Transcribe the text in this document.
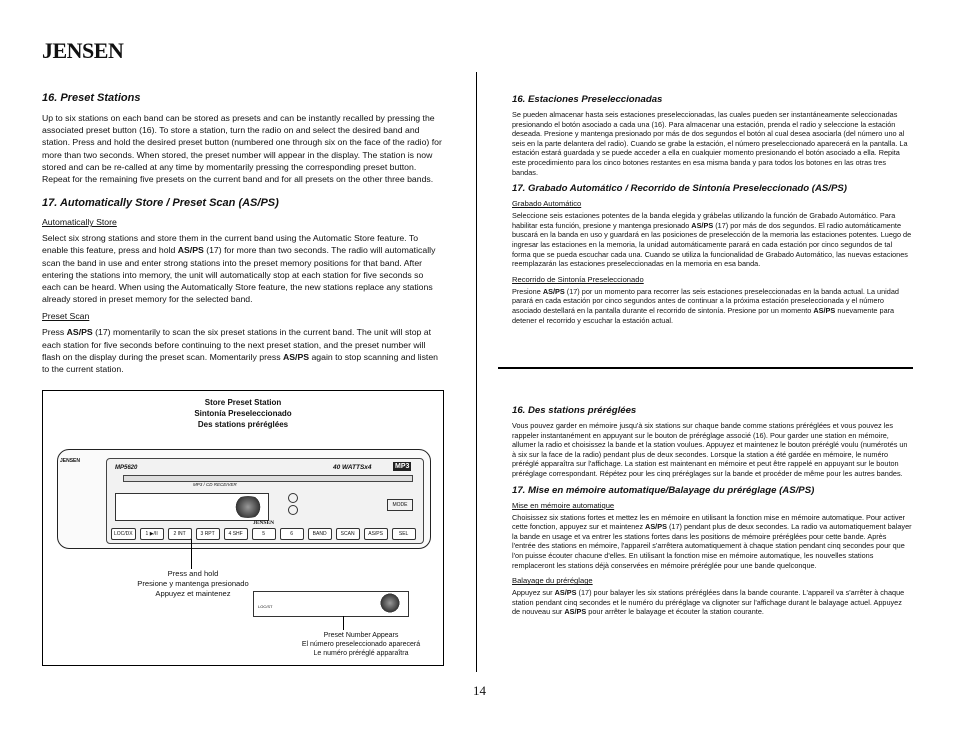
JENSEN
16. Preset Stations

Up to six stations on each band can be stored as presets and can be instantly recalled by pressing the associated preset button (16). To store a station, turn the radio on and select the desired band and station. Press and hold the desired preset button (numbered one through six on the face of the radio) for more than two seconds. When stored, the preset number will appear in the display. The station is now stored and can be re-called at any time by momentarily pressing the corresponding preset button. Repeat for the remaining five presets on the current band and for all presets on the other three bands.

17. Automatically Store / Preset Scan (AS/PS)
Automatically Store

Select six strong stations and store them in the current band using the Automatic Store feature. To enable this feature, press and hold AS/PS (17) for more than two seconds. The radio will automatically scan the band in use and enter strong stations into the preset memory positions for that band. After entering the stations into memory, the unit will automatically stop at each station for five seconds so each can be heard. When using the Automatically Store feature, the new stations replace any stations already stored in preset memory for the selected band.

Preset Scan

Press AS/PS (17) momentarily to scan the six preset stations in the current band. The unit will stop at each station for five seconds before continuing to the next preset station, and the preset number will flash on the display during the preset scan. Momentarily press AS/PS again to stop scanning and listen to the current station.

Store Preset Station
Sintonía Preseleccionado
Des stations préréglées
JENSEN
MP5620	40 WATTSx4	MP3
MP3 / CD RECEIVER
JENSEN
MODE
LOC/DX	1 ▶/II	2 INT	3 RPT	4 SHF	5	6	BAND	SCAN	AS/PS	SEL
Press and hold
Presione y mantenga presionado
Appuyez et maintenez
LOC/ST
Preset Number Appears
El número preseleccionado aparecerá
Le numéro préréglé apparaîtra
16. Estaciones Preseleccionadas

Se pueden almacenar hasta seis estaciones preseleccionadas, las cuales pueden ser instantáneamente seleccionadas presionando el botón asociado a cada una (16). Para almacenar una estación, prenda el radio y seleccione la estación deseada. Presione y mantenga presionado por más de dos segundos el botón al cual desea asociarla (del número uno al seis en la parte delantera del radio). Cuando se grabe la estación, el número preseleccionado aparecerá en la pantalla. La estación estará guardada y se puede acceder a ella en cualquier momento presionando el botón asociado a ella. Repita este procedimiento para los cinco botones restantes en esa misma banda y para todos los botones en las otras tres bandas.

17. Grabado Automático / Recorrido de Sintonía Preseleccionado (AS/PS)
Grabado Automático

Seleccione seis estaciones potentes de la banda elegida y grábelas utilizando la función de Grabado Automático. Para habilitar esta función, presione y mantenga presionado AS/PS (17) por más de dos segundos. El radio automáticamente buscará en la banda en uso y guardará en las posiciones de preselección de la memoria las estaciones potentes. Luego de ingresar las estaciones en la memoria, la unidad automáticamente parará en cada estación por cinco segundos de tal forma que se pueda escuchar cada una. Cuando se utiliza la funcionalidad de Grabado Automático, las nuevas estaciones reemplazarán las estaciones preseleccionadas en la memoria en esa banda.

Recorrido de Sintonía Preseleccionado

Presione AS/PS (17) por un momento para recorrer las seis estaciones preseleccionadas en la banda actual. La unidad parará en cada estación por cinco segundos antes de continuar a la próxima estación preseleccionada y el número asociado destellará en la pantalla durante el recorrido de sintonía. Presione por un momento AS/PS nuevamente para detener el recorrido y escuchar la estación actual.

16. Des stations préréglées

Vous pouvez garder en mémoire jusqu'à six stations sur chaque bande comme stations préréglées et vous pouvez les rappeler instantanément en appuyant sur le bouton de préréglage associé (16). Pour garder une station en mémoire, allumer la radio et choisissez la bande et la station voulues. Appuyez et maintenez le bouton préréglé voulu (numérotés un à six sur la face de la radio) pendant plus de deux secondes. Lorsque la station a été gardée en mémoire, le numéro préréglé apparaîtra sur l'affichage. La station est maintenant en mémoire et peut être rappelé en appuyant sur le bouton préréglage correspondant. Répétez pour les cinq préréglages sur la bande et procéder de même pour les autres bandes.

17. Mise en mémoire automatique/Balayage du préréglage (AS/PS)
Mise en mémoire automatique

Choisissez six stations fortes et mettez les en mémoire en utilisant la fonction mise en mémoire automatique. Pour activer cette fonction, appuyez sur et maintenez AS/PS (17) pendant plus de deux secondes. La radio va automatiquement balayer la bande en usage et va entrer les stations fortes dans les positions de mémoire préréglées pour cette bande. Après l'entrée des stations en mémoire, l'appareil s'arrêtera automatiquement à chaque station pendant cinq secondes pour que l'on puisse écouter chacune d'elles. En utilisant la fonction mise en mémoire automatique, les nouvelles stations remplaceront les stations déjà conservées en mémoire préréglée pour une bande quelconque.

Balayage du préréglage

Appuyez sur AS/PS (17) pour balayer les six stations préréglées dans la bande courante. L'appareil va s'arrêter à chaque station pendant cinq secondes et le numéro du préréglage va clignoter sur l'affichage durant le balayage actuel. Appuyez de nouveau sur AS/PS pour arrêter le balayage et écouter la station courante.

14
